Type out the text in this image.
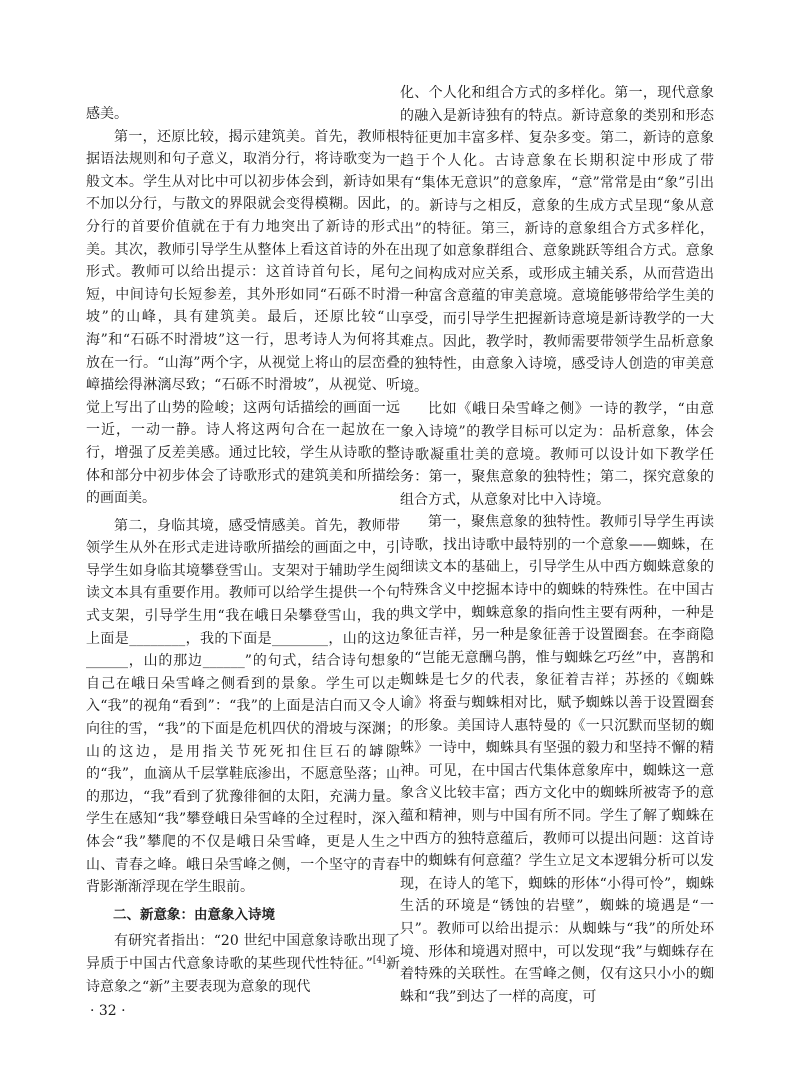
感美。

第一，还原比较，揭示建筑美。首先，教师根据语法规则和句子意义，取消分行，将诗歌变为一般文本。学生从对比中可以初步体会到，新诗如果不加以分行，与散文的界限就会变得模糊。因此，分行的首要价值就在于有力地突出了新诗的形式美。其次，教师引导学生从整体上看这首诗的外在形式。教师可以给出提示：这首诗首句长，尾句短，中间诗句长短参差，其外形如同“石砾不时滑坡”的山峰，具有建筑美。最后，还原比较“山海”和“石砾不时滑坡”这一行，思考诗人为何将其放在一行。“山海”两个字，从视觉上将山的层峦叠嶂描绘得淋漓尽致；“石砾不时滑坡”，从视觉、听觉上写出了山势的险峻；这两句话描绘的画面一远一近，一动一静。诗人将这两句合在一起放在一行，增强了反差美感。通过比较，学生从诗歌的整体和部分中初步体会了诗歌形式的建筑美和所描绘的画面美。

第二，身临其境，感受情感美。首先，教师带领学生从外在形式走进诗歌所描绘的画面之中，引导学生如身临其境攀登雪山。支架对于辅助学生阅读文本具有重要作用。教师可以给学生提供一个句式支架，引导学生用“我在峨日朵攀登雪山，我的上面是________，我的下面是________，山的这边______，山的那边______”的句式，结合诗句想象自己在峨日朵雪峰之侧看到的景象。学生可以走入“我”的视角“看到”：“我”的上面是洁白而又令人向往的雪，“我”的下面是危机四伏的滑坡与深渊；山的这边，是用指关节死死扣住巨石的罅隙的“我”，血滴从千层掌鞋底渗出，不愿意坠落；山的那边，“我”看到了犹豫徘徊的太阳，充满力量。学生在感知“我”攀登峨日朵雪峰的全过程时，深入体会“我”攀爬的不仅是峨日朵雪峰，更是人生之山、青春之峰。峨日朵雪峰之侧，一个坚守的青春背影渐渐浮现在学生眼前。

二、新意象：由意象入诗境

有研究者指出：“20 世纪中国意象诗歌出现了异质于中国古代意象诗歌的某些现代性特征。”[4]新诗意象之“新”主要表现为意象的现代

化、个人化和组合方式的多样化。第一，现代意象的融入是新诗独有的特点。新诗意象的类别和形态特征更加丰富多样、复杂多变。第二，新诗的意象趋于个人化。古诗意象在长期积淀中形成了带有“集体无意识”的意象库，“意”常常是由“象”引出的。新诗与之相反，意象的生成方式呈现“象从意出”的特征。第三，新诗的意象组合方式多样化，出现了如意象群组合、意象跳跃等组合方式。意象之间构成对应关系，或形成主辅关系，从而营造出一种富含意蕴的审美意境。意境能够带给学生美的享受，而引导学生把握新诗意境是新诗教学的一大难点。因此，教学时，教师需要带领学生品析意象的独特性，由意象入诗境，感受诗人创造的审美意境。

比如《峨日朵雪峰之侧》一诗的教学，“由意象入诗境”的教学目标可以定为：品析意象，体会诗歌凝重壮美的意境。教师可以设计如下教学任务：第一，聚焦意象的独特性；第二，探究意象的组合方式，从意象对比中入诗境。

第一，聚焦意象的独特性。教师引导学生再读诗歌，找出诗歌中最特别的一个意象——蜘蛛，在细读文本的基础上，引导学生从中西方蜘蛛意象的特殊含义中挖掘本诗中的蜘蛛的特殊性。在中国古典文学中，蜘蛛意象的指向性主要有两种，一种是象征吉祥，另一种是象征善于设置圈套。在李商隐的“岂能无意酬乌鹊，惟与蜘蛛乞巧丝”中，喜鹊和蜘蛛是七夕的代表，象征着吉祥；苏拯的《蜘蛛谕》将蚕与蜘蛛相对比，赋予蜘蛛以善于设置圈套的形象。美国诗人惠特曼的《一只沉默而坚韧的蜘蛛》一诗中，蜘蛛具有坚强的毅力和坚持不懈的精神。可见，在中国古代集体意象库中，蜘蛛这一意象含义比较丰富；西方文化中的蜘蛛所被寄予的意蕴和精神，则与中国有所不同。学生了解了蜘蛛在中西方的独特意蕴后，教师可以提出问题：这首诗中的蜘蛛有何意蕴？学生立足文本逻辑分析可以发现，在诗人的笔下，蜘蛛的形体“小得可怜”，蜘蛛生活的环境是“锈蚀的岩壁”，蜘蛛的境遇是“一只”。教师可以给出提示：从蜘蛛与“我”的所处环境、形体和境遇对照中，可以发现“我”与蜘蛛存在着特殊的关联性。在雪峰之侧，仅有这只小小的蜘蛛和“我”到达了一样的高度，可

· 32 ·
